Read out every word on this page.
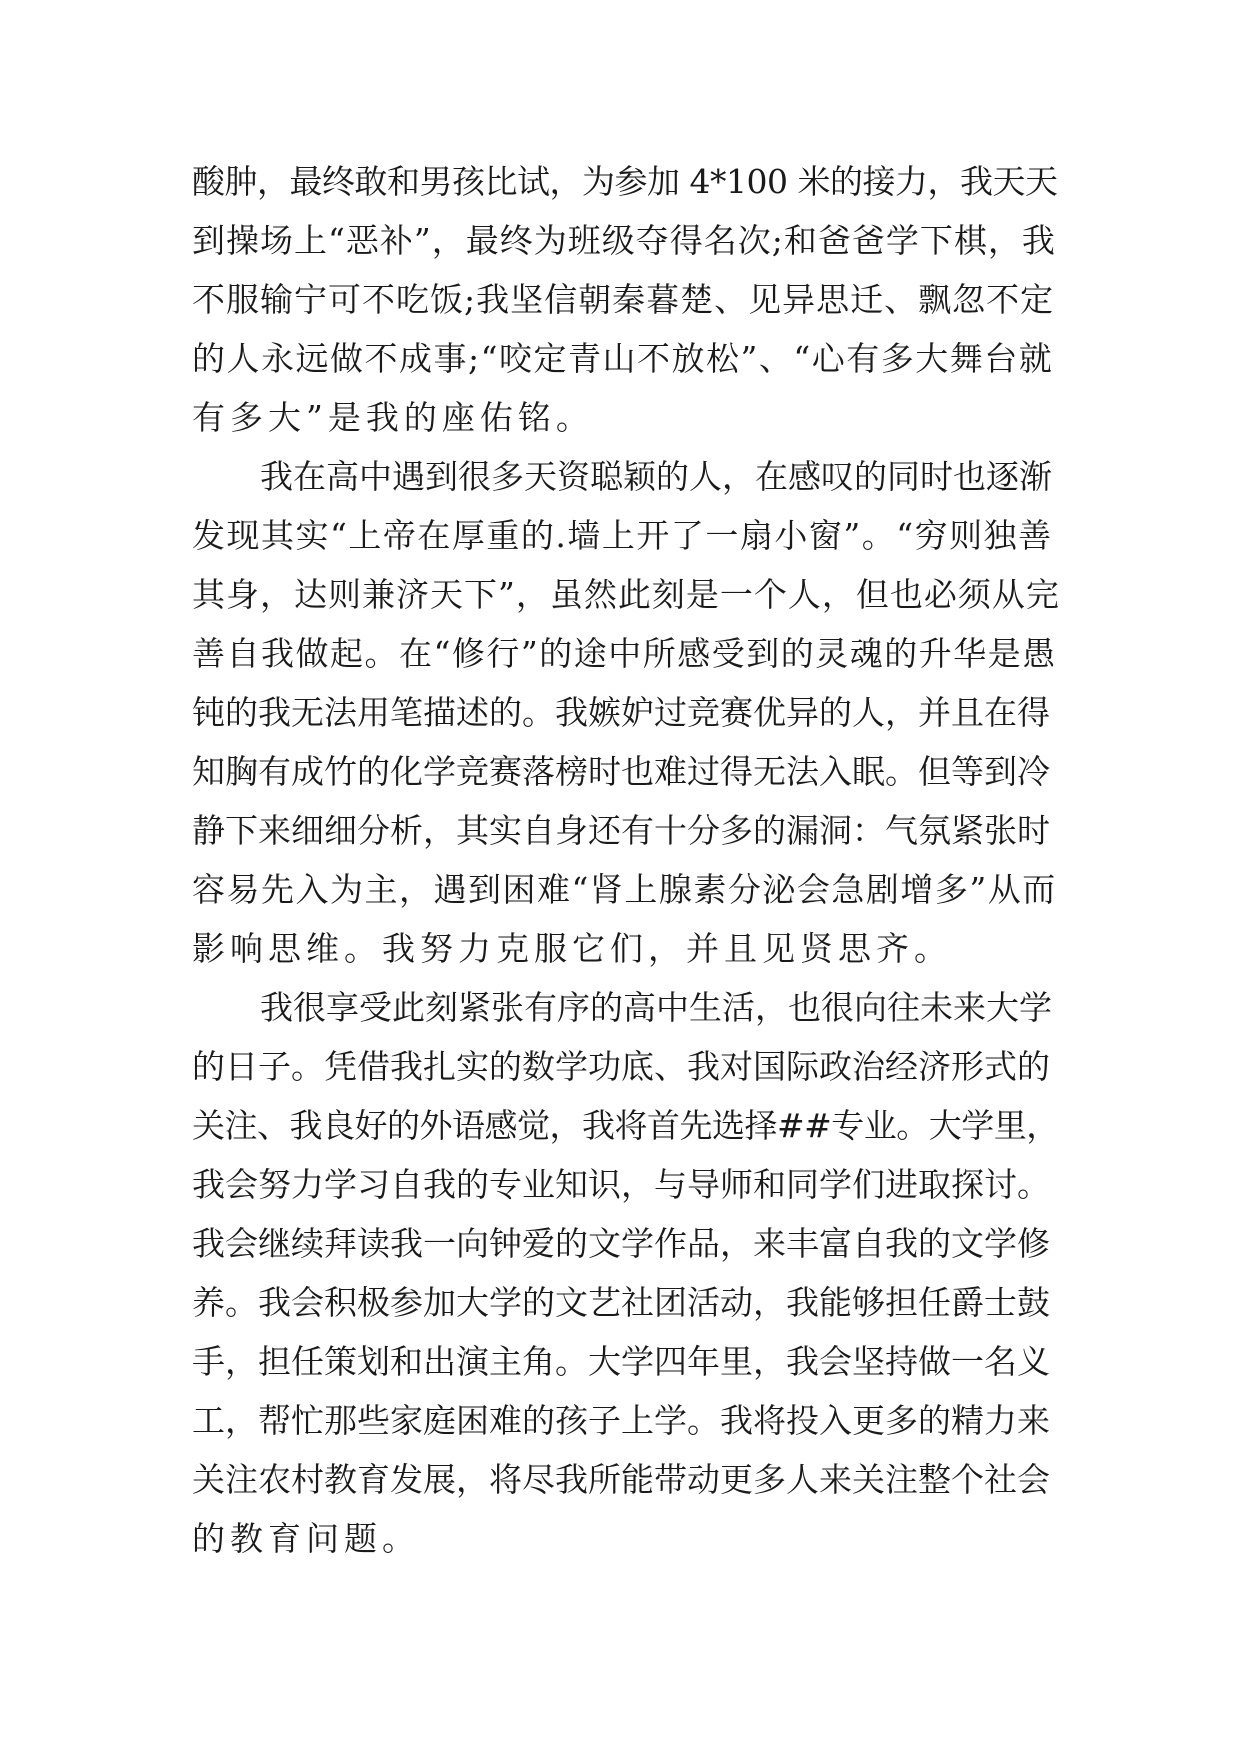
酸肿，最终敢和男孩比试，为参加 4*100 米的接力，我天天
到操场上“恶补”，最终为班级夺得名次;和爸爸学下棋，我
不服输宁可不吃饭;我坚信朝秦暮楚、见异思迁、飘忽不定
的人永远做不成事;“咬定青山不放松”、“心有多大舞台就
有多大”是我的座佑铭。
我在高中遇到很多天资聪颖的人，在感叹的同时也逐渐
发现其实“上帝在厚重的.墙上开了一扇小窗”。“穷则独善
其身，达则兼济天下”，虽然此刻是一个人，但也必须从完
善自我做起。在“修行”的途中所感受到的灵魂的升华是愚
钝的我无法用笔描述的。我嫉妒过竞赛优异的人，并且在得
知胸有成竹的化学竞赛落榜时也难过得无法入眠。但等到冷
静下来细细分析，其实自身还有十分多的漏洞：气氛紧张时
容易先入为主，遇到困难“肾上腺素分泌会急剧增多”从而
影响思维。我努力克服它们，并且见贤思齐。
我很享受此刻紧张有序的高中生活，也很向往未来大学
的日子。凭借我扎实的数学功底、我对国际政治经济形式的
关注、我良好的外语感觉，我将首先选择##专业。大学里，
我会努力学习自我的专业知识，与导师和同学们进取探讨。
我会继续拜读我一向钟爱的文学作品，来丰富自我的文学修
养。我会积极参加大学的文艺社团活动，我能够担任爵士鼓
手，担任策划和出演主角。大学四年里，我会坚持做一名义
工，帮忙那些家庭困难的孩子上学。我将投入更多的精力来
关注农村教育发展，将尽我所能带动更多人来关注整个社会
的教育问题。
